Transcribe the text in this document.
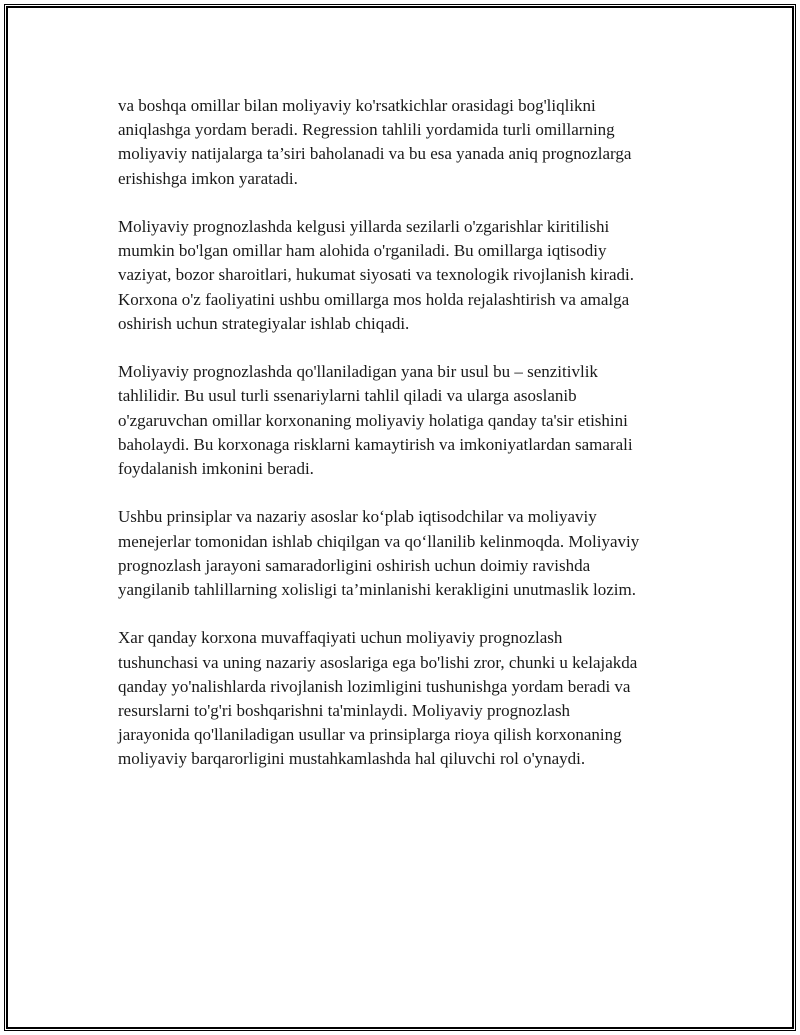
va boshqa omillar bilan moliyaviy ko'rsatkichlar orasidagi bog'liqlikni
aniqlashga yordam beradi. Regression tahlili yordamida turli omillarning
moliyaviy natijalarga ta’siri baholanadi va bu esa yanada aniq prognozlarga
erishishga imkon yaratadi.

Moliyaviy prognozlashda kelgusi yillarda sezilarli o'zgarishlar kiritilishi
mumkin bo'lgan omillar ham alohida o'rganiladi. Bu omillarga iqtisodiy
vaziyat, bozor sharoitlari, hukumat siyosati va texnologik rivojlanish kiradi.
Korxona o'z faoliyatini ushbu omillarga mos holda rejalashtirish va amalga
oshirish uchun strategiyalar ishlab chiqadi.

Moliyaviy prognozlashda qo'llaniladigan yana bir usul bu – senzitivlik
tahlilidir. Bu usul turli ssenariylarni tahlil qiladi va ularga asoslanib
o'zgaruvchan omillar korxonaning moliyaviy holatiga qanday ta'sir etishini
baholaydi. Bu korxonaga risklarni kamaytirish va imkoniyatlardan samarali
foydalanish imkonini beradi.

Ushbu prinsiplar va nazariy asoslar ko‘plab iqtisodchilar va moliyaviy
menejerlar tomonidan ishlab chiqilgan va qo‘llanilib kelinmoqda. Moliyaviy
prognozlash jarayoni samaradorligini oshirish uchun doimiy ravishda
yangilanib tahlillarning xolisligi ta’minlanishi kerakligini unutmaslik lozim.

Xar qanday korxona muvaffaqiyati uchun moliyaviy prognozlash
tushunchasi va uning nazariy asoslariga ega bo'lishi zror, chunki u kelajakda
qanday yo'nalishlarda rivojlanish lozimligini tushunishga yordam beradi va
resurslarni to'g'ri boshqarishni ta'minlaydi. Moliyaviy prognozlash
jarayonida qo'llaniladigan usullar va prinsiplarga rioya qilish korxonaning
moliyaviy barqarorligini mustahkamlashda hal qiluvchi rol o'ynaydi.
